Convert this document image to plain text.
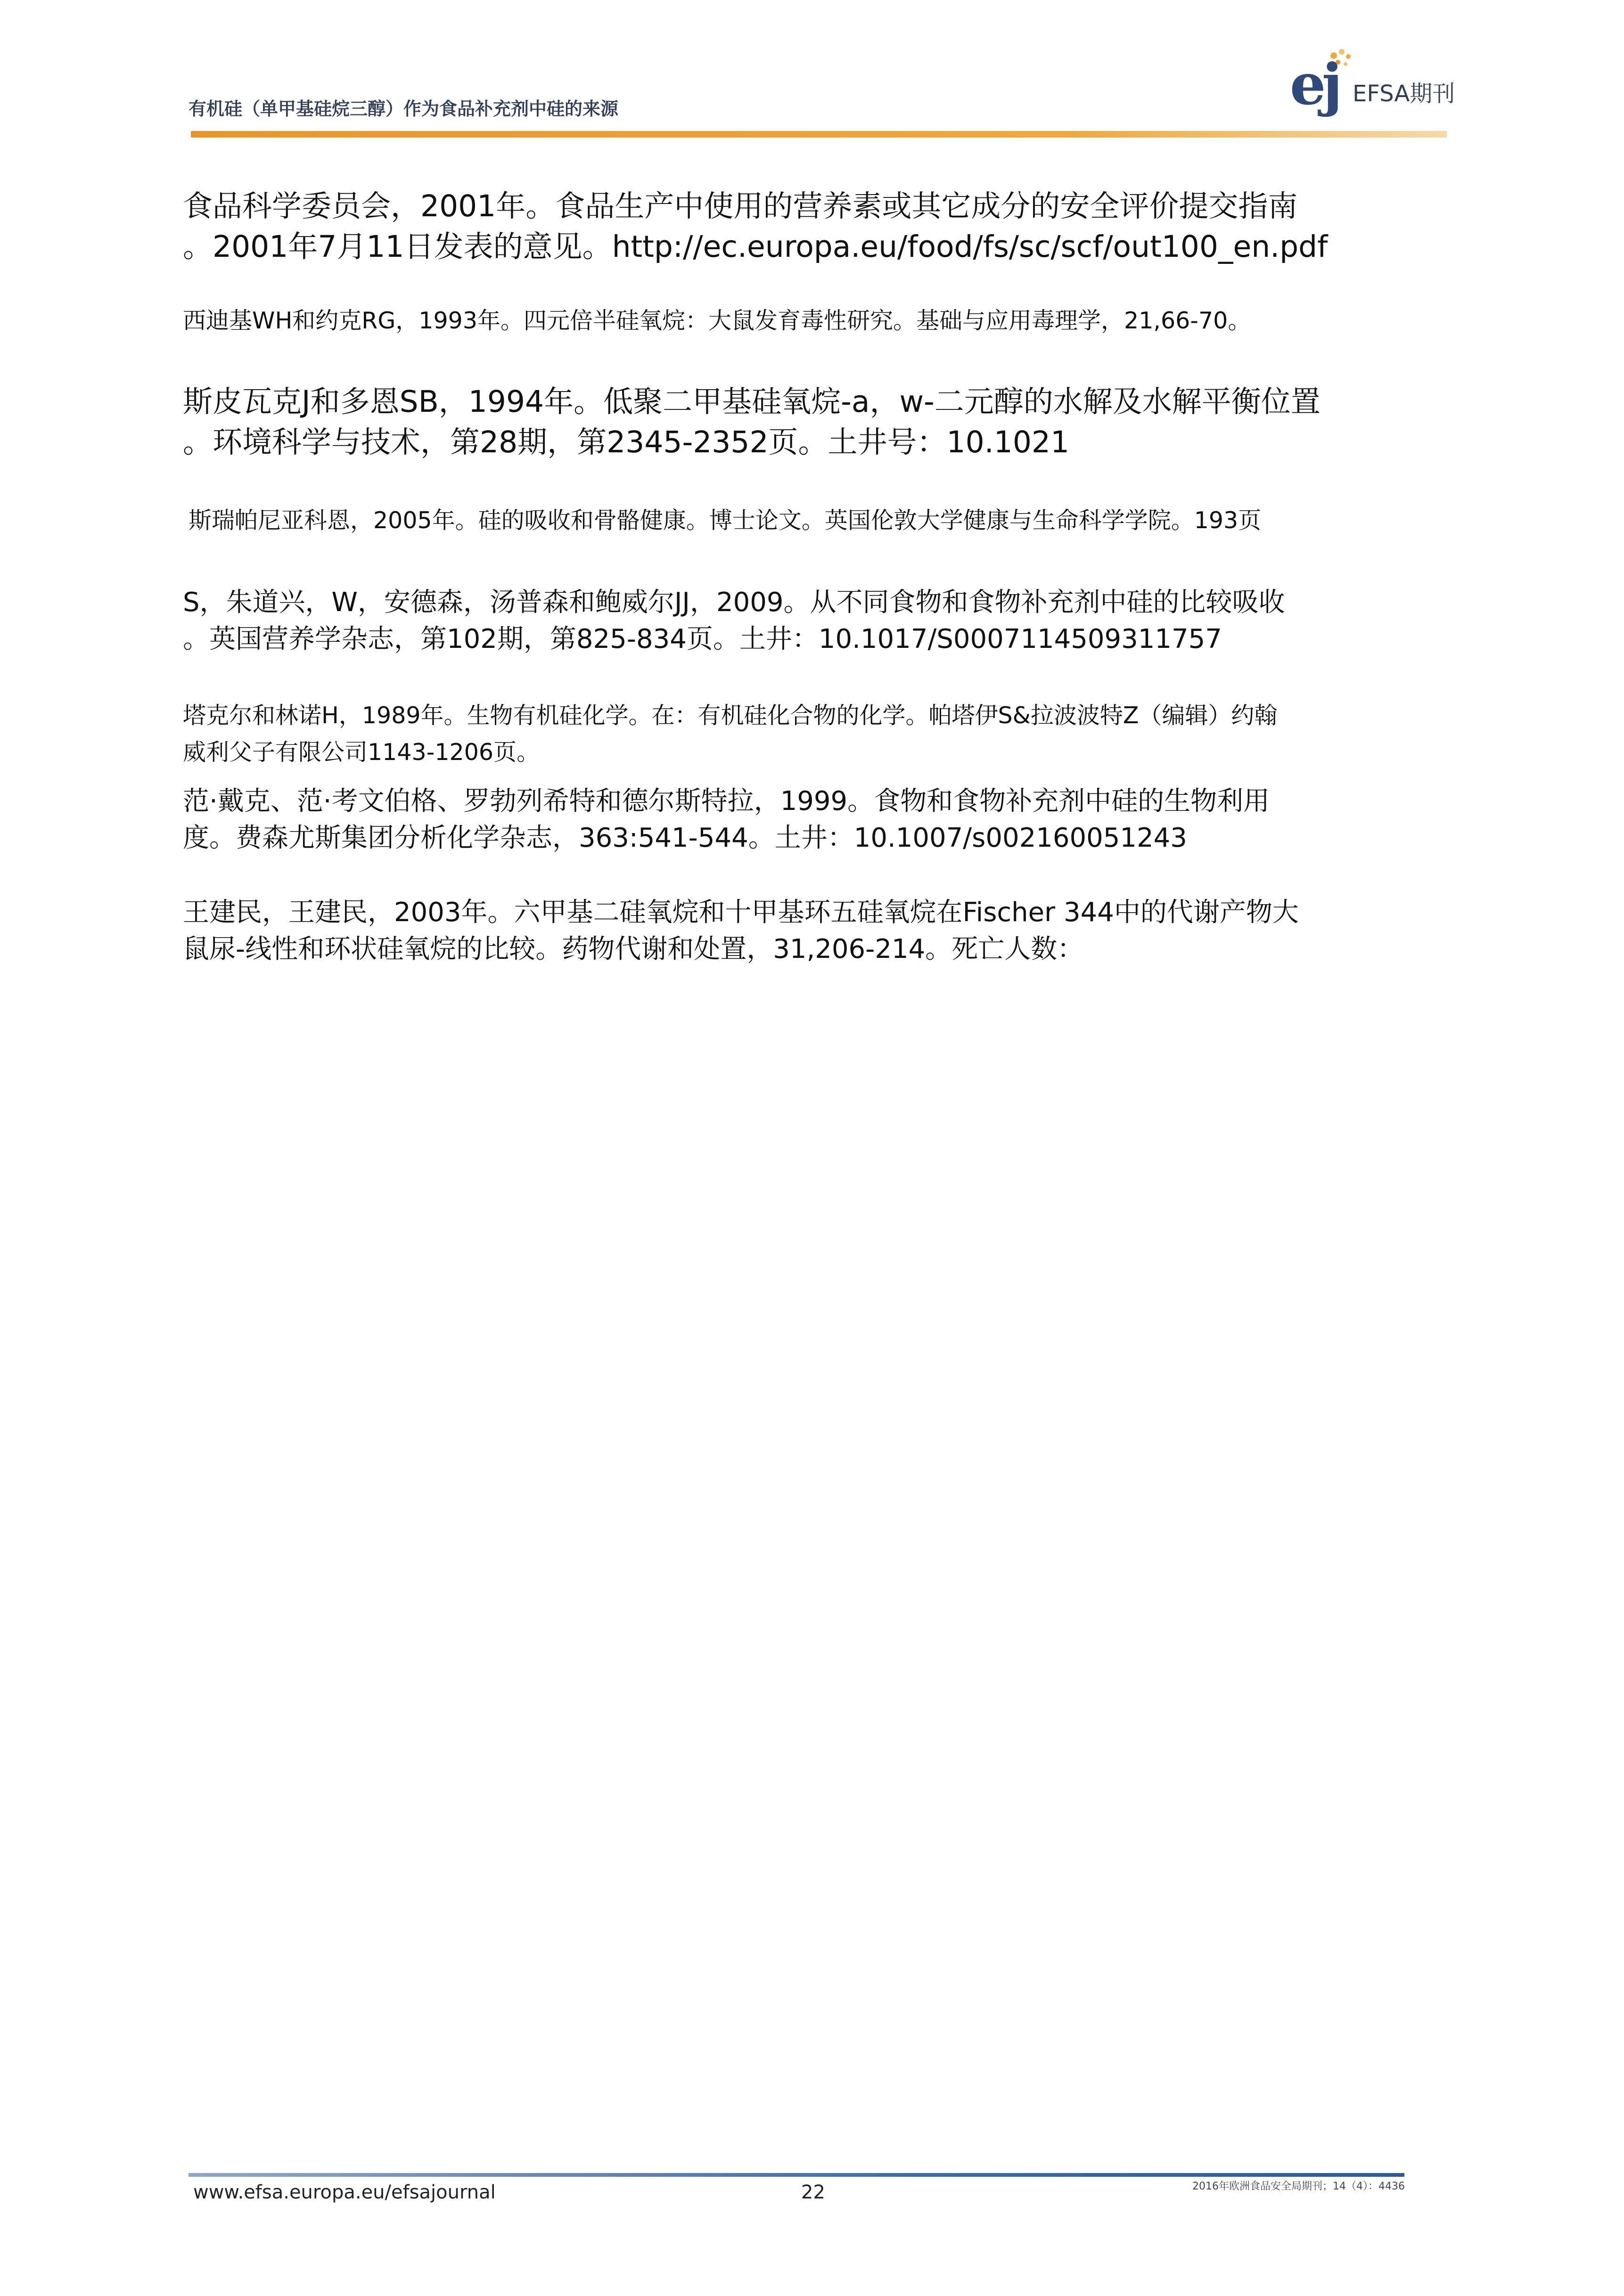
有机硅（单甲基硅烷三醇）作为食品补充剂中硅的来源	e
j EFSA期刊
食品科学委员会，2001年。食品生产中使用的营养素或其它成分的安全评价提交指南
。2001年7月11日发表的意见。http://ec.europa.eu/food/fs/sc/scf/out100_en.pdf
西迪基WH和约克RG，1993年。四元倍半硅氧烷：大鼠发育毒性研究。基础与应用毒理学，21,66-70。
斯皮瓦克J和多恩SB，1994年。低聚二甲基硅氧烷-a，w-二元醇的水解及水解平衡位置
。环境科学与技术，第28期，第2345-2352页。土井号：10.1021
斯瑞帕尼亚科恩，2005年。硅的吸收和骨骼健康。博士论文。英国伦敦大学健康与生命科学学院。193页
S，朱道兴，W，安德森，汤普森和鲍威尔JJ，2009。从不同食物和食物补充剂中硅的比较吸收
。英国营养学杂志，第102期，第825-834页。土井：10.1017/S0007114509311757
塔克尔和林诺H，1989年。生物有机硅化学。在：有机硅化合物的化学。帕塔伊S&拉波波特Z（编辑）约翰
威利父子有限公司1143-1206页。
范·戴克、范·考文伯格、罗勃列希特和德尔斯特拉，1999。食物和食物补充剂中硅的生物利用
度。费森尤斯集团分析化学杂志，363:541-544。土井：10.1007/s002160051243
王建民，王建民，2003年。六甲基二硅氧烷和十甲基环五硅氧烷在Fischer 344中的代谢产物大
鼠尿-线性和环状硅氧烷的比较。药物代谢和处置，31,206-214。死亡人数：
www.efsa.europa.eu/efsajournal	22	2016年欧洲食品安全局期刊；14（4）：4436
